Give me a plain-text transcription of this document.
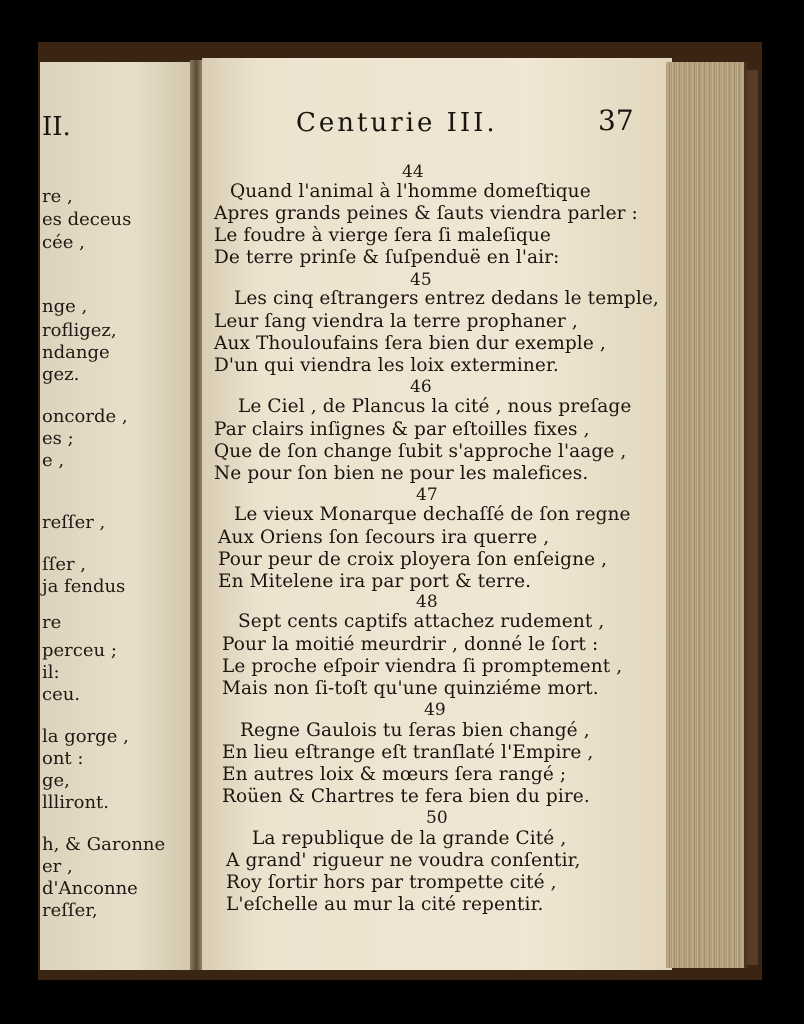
II.
re ,
es deceus
cée ,
nge ,
rofligez,
ndange
gez.
oncorde ,
es ;
e ,
reſſer ,
ſſer ,
ja fendus
re
perceu ;
il:
ceu.
la gorge ,
ont :
ge,
llliront.
h, & Garonne
er ,
d'Anconne
reſſer,
Centurie III.	37
44
Quand l'animal à l'homme domeſtique
Apres grands peines & ſauts viendra parler :
Le foudre à vierge ſera ſi maleſique
De terre prinſe & ſuſpenduë en l'air:
45
Les cinq eſtrangers entrez dedans le temple,
Leur ſang viendra la terre prophaner ,
Aux Thouloufains ſera bien dur exemple ,
D'un qui viendra les loix exterminer.
46
Le Ciel , de Plancus la cité , nous preſage
Par clairs inſignes & par eſtoilles fixes ,
Que de ſon change ſubit s'approche l'aage ,
Ne pour ſon bien ne pour les malefices.
47
Le vieux Monarque dechaſſé de ſon regne
Aux Oriens ſon ſecours ira querre ,
Pour peur de croix ployera ſon enſeigne ,
En Mitelene ira par port & terre.
48
Sept cents captifs attachez rudement ,
Pour la moitié meurdrir , donné le ſort :
Le proche eſpoir viendra ſi promptement ,
Mais non ſi-toſt qu'une quinziéme mort.
49
Regne Gaulois tu ſeras bien changé ,
En lieu eſtrange eſt tranſlaté l'Empire ,
En autres loix & mœurs ſera rangé ;
Roüen & Chartres te fera bien du pire.
50
La republique de la grande Cité ,
A grand' rigueur ne voudra conſentir,
Roy ſortir hors par trompette cité ,
L'eſchelle au mur la cité repentir.
